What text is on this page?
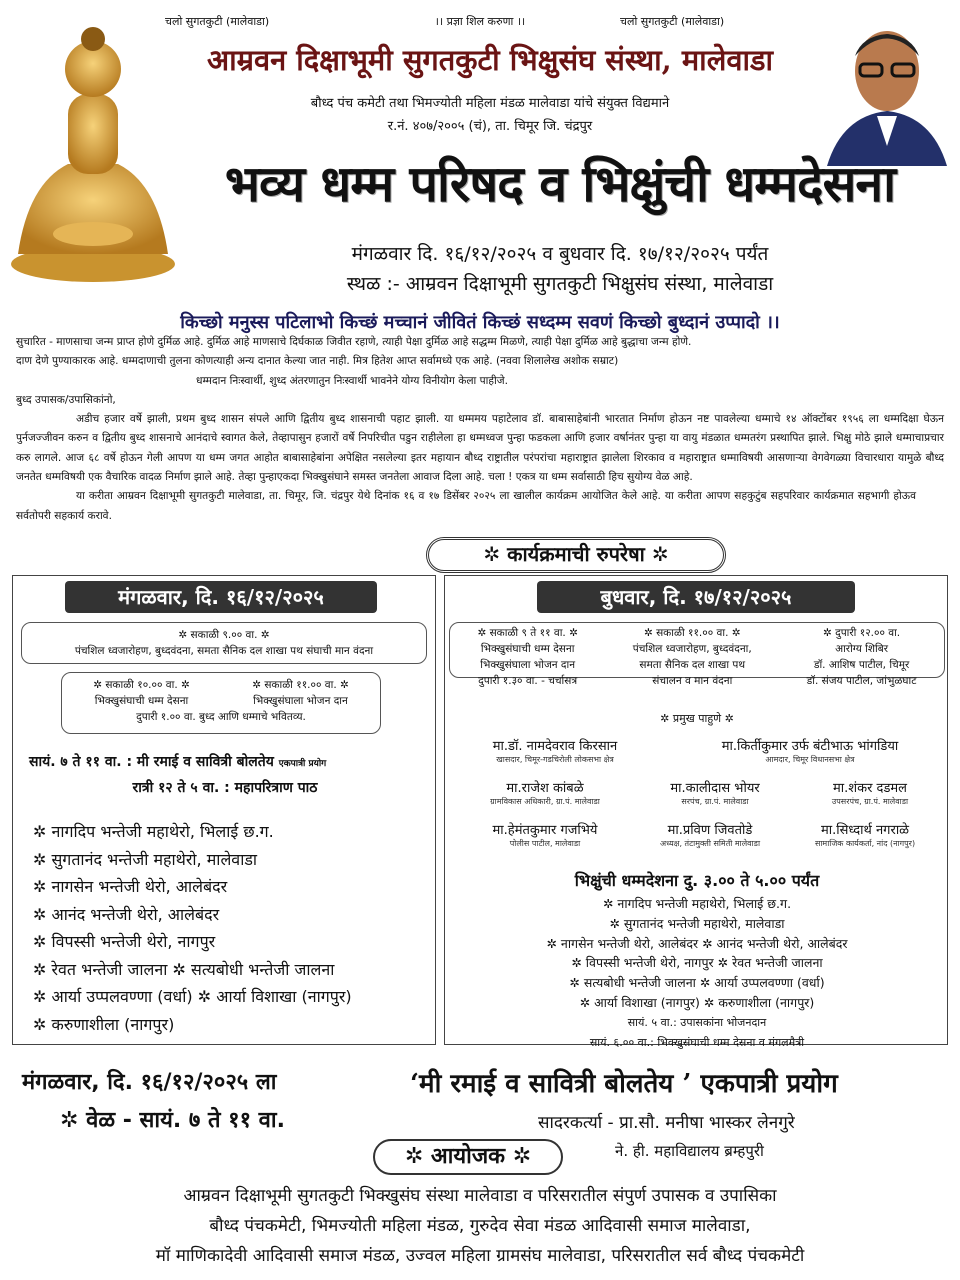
चलो सुगतकुटी (मालेवाडा)	।। प्रज्ञा शिल करुणा ।।	चलो सुगतकुटी (मालेवाडा)
आम्रवन दिक्षाभूमी सुगतकुटी भिक्षुसंघ संस्था, मालेवाडा
बौध्द पंच कमेटी तथा भिमज्योती महिला मंडळ मालेवाडा यांचे संयुक्त विद्यमाने
र.नं. ४०७/२००५ (चं), ता. चिमूर जि. चंद्रपुर
भव्य धम्म परिषद व भिक्षुंची धम्मदेसना
मंगळवार दि. १६/१२/२०२५ व बुधवार दि. १७/१२/२०२५ पर्यंत
स्थळ :- आम्रवन दिक्षाभूमी सुगतकुटी भिक्षुसंघ संस्था, मालेवाडा
किच्छो मनुस्स पटिलाभो किच्छं मच्चानं जीवितं किच्छं सध्दम्म सवणं किच्छो बुध्दानं उप्पादो ।।
सुचारित - माणसाचा जन्म प्राप्त होणे दुर्मिळ आहे. दुर्मिळ आहे माणसाचे दिर्घकाळ जिवीत रहाणे, त्याही पेक्षा दुर्मिळ आहे सद्धम्म मिळणे, त्याही पेक्षा दुर्मिळ आहे बुद्धाचा जन्म होणे.
दाण देणे पुण्याकारक आहे. धम्मदाणाची तुलना कोणत्याही अन्य दानात केल्या जात नाही. मित्र हितेश आप्त सर्वामध्ये एक आहे. (नववा शिलालेख अशोक सम्राट)
धम्मदान निःस्वार्थी, शुध्द अंतरणातुन निःस्वार्थी भावनेने योग्य विनीयोग केला पाहीजे.
बुध्द उपासक/उपासिकांनो,
अडीच हजार वर्षे झाली, प्रथम बुध्द शासन संपले आणि द्वितीय बुध्द शासनाची पहाट झाली. या धम्ममय पहाटेलाव डॉ. बाबासाहेबांनी भारतात निर्माण होऊन नष्ट पावलेल्या धम्माचे १४ ऑक्टोंबर १९५६ ला धम्मदिक्षा घेऊन पुर्नजज्जीवन करुन व द्वितीय बुध्द शासनाचे आनंदाचे स्वागत केले, तेव्हापासुन हजारों वर्षे निपरिचीत पडुन राहीलेला हा धम्मध्वज पुन्हा फडकला आणि हजार वर्षानंतर पुन्हा या वायु मंडळात धम्मतरंग प्रस्थापित झाले. भिक्षु मोठे झाले धम्माचाप्रचार करु लागले. आज ६८ वर्षे होऊन गेली आपण या धम्म जगत आहोत बाबासाहेबांना अपेक्षित नसलेल्या इतर महायान बौध्द राष्ट्रातील परंपरांचा महाराष्ट्रात झालेला शिरकाव व महाराष्ट्रात धम्माविषयी आसणाऱ्या वेगवेगळ्या विचारधारा यामुळे बौध्द जनतेत धम्मविषयी एक वैचारिक वादळ निर्माण झाले आहे. तेव्हा पुन्हाएकदा भिक्खुसंघाने समस्त जनतेला आवाज दिला आहे. चला ! एकत्र या धम्म सर्वासाठी हिच सुयोग्य वेळ आहे.
या करीता आम्रवन दिक्षाभूमी सुगतकुटी मालेवाडा, ता. चिमूर, जि. चंद्रपुर येथे दिनांक १६ व १७ डिसेंबर २०२५ ला खालील कार्यक्रम आयोजित केले आहे. या करीता आपण सहकुटुंब सहपरिवार कार्यक्रमात सहभागी होऊव सर्वतोपरी सहकार्य करावे.
✲ कार्यक्रमाची रुपरेषा ✲
मंगळवार, दि. १६/१२/२०२५
✲ सकाळी ९.०० वा. ✲
पंचशिल ध्वजारोहण, बुध्दवंदना, समता सैनिक दल शाखा पथ संघाची मान वंदना
✲ सकाळी १०.०० वा. ✲
भिक्खुसंघाची धम्म देसना
✲ सकाळी ११.०० वा. ✲
भिक्खुसंघाला भोजन दान
दुपारी १.०० वा. बुध्द आणि धम्माचे भवितव्य.
सायं. ७ ते ११ वा. : मी रमाई व सावित्री बोलतेय एकपात्री प्रयोग
रात्री १२ ते ५ वा. : महापरित्राण पाठ
✲ नागदिप भन्तेजी महाथेरो, भिलाई छ.ग.
✲ सुगतानंद भन्तेजी महाथेरो, मालेवाडा
✲ नागसेन भन्तेजी थेरो, आलेबंदर
✲ आनंद भन्तेजी थेरो, आलेबंदर
✲ विपस्सी भन्तेजी थेरो, नागपुर
✲ रेवत भन्तेजी जालना ✲ सत्यबोधी भन्तेजी जालना
✲ आर्या उप्पलवण्णा (वर्धा) ✲ आर्या विशाखा (नागपुर)
✲ करुणाशीला (नागपुर)
बुधवार, दि. १७/१२/२०२५
✲ सकाळी ९ ते ११ वा. ✲
भिक्खुसंघाची धम्म देसना
भिक्खुसंघाला भोजन दान
दुपारी १.३० वा. - चर्चासत्र
✲ सकाळी ११.०० वा. ✲
पंचशिल ध्वजारोहण, बुध्दवंदना,
समता सैनिक दल शाखा पथ
संचालन व मान वंदना
✲ दुपारी १२.०० वा.
आरोग्य शिबिर
डॉ. आशिष पाटील, चिमूर
डॉ. संजय पाटील, जांभुळघाट
✲ प्रमुख पाहुणे ✲
मा.डॉ. नामदेवराव किरसान
खासदार, चिमूर-गडचिरोली लोकसभा क्षेत्र
मा.किर्तीकुमार उर्फ बंटीभाऊ भांगडिया
आमदार, चिमूर विधानसभा क्षेत्र
मा.राजेश कांबळे
ग्रामविकास अधिकारी, ग्रा.पं. मालेवाडा
मा.कालीदास भोयर
सरपंच, ग्रा.पं. मालेवाडा
मा.शंकर दडमल
उपसरपंच, ग्रा.पं. मालेवाडा
मा.हेमंतकुमार गजभिये
पोलीस पाटील, मालेवाडा
मा.प्रविण जिवतोडे
अध्यक्ष, तंटामुक्ती समिती मालेवाडा
मा.सिध्दार्थ नगराळे
सामाजिक कार्यकर्ता, नांद (नागपुर)
भिक्षुंची धम्मदेशना दु. ३.०० ते ५.०० पर्यंत
✲ नागदिप भन्तेजी महाथेरो, भिलाई छ.ग.
✲ सुगतानंद भन्तेजी महाथेरो, मालेवाडा
✲ नागसेन भन्तेजी थेरो, आलेबंदर ✲ आनंद भन्तेजी थेरो, आलेबंदर
✲ विपस्सी भन्तेजी थेरो, नागपुर ✲ रेवत भन्तेजी जालना
✲ सत्यबोधी भन्तेजी जालना ✲ आर्या उप्पलवण्णा (वर्धा)
✲ आर्या विशाखा (नागपुर) ✲ करुणाशीला (नागपुर)
सायं. ५ वा.: उपासकांना भोजनदान
सायं. ६.०० वा.: भिक्खुसंघाची धम्म देसना व मंगलमैत्री
मंगळवार, दि. १६/१२/२०२५ ला	‘मी रमाई व सावित्री बोलतेय ’ एकपात्री प्रयोग
✲ वेळ - सायं. ७ ते ११ वा.	सादरकर्त्या - प्रा.सौ. मनीषा भास्कर लेनगुरे
ने. ही. महाविद्यालय ब्रम्हपुरी
✲ आयोजक ✲
आम्रवन दिक्षाभूमी सुगतकुटी भिक्खुसंघ संस्था मालेवाडा व परिसरातील संपुर्ण उपासक व उपासिका
बौध्द पंचकमेटी, भिमज्योती महिला मंडळ, गुरुदेव सेवा मंडळ आदिवासी समाज मालेवाडा,
मॉ माणिकादेवी आदिवासी समाज मंडळ, उज्वल महिला ग्रामसंघ मालेवाडा, परिसरातील सर्व बौध्द पंचकमेटी
